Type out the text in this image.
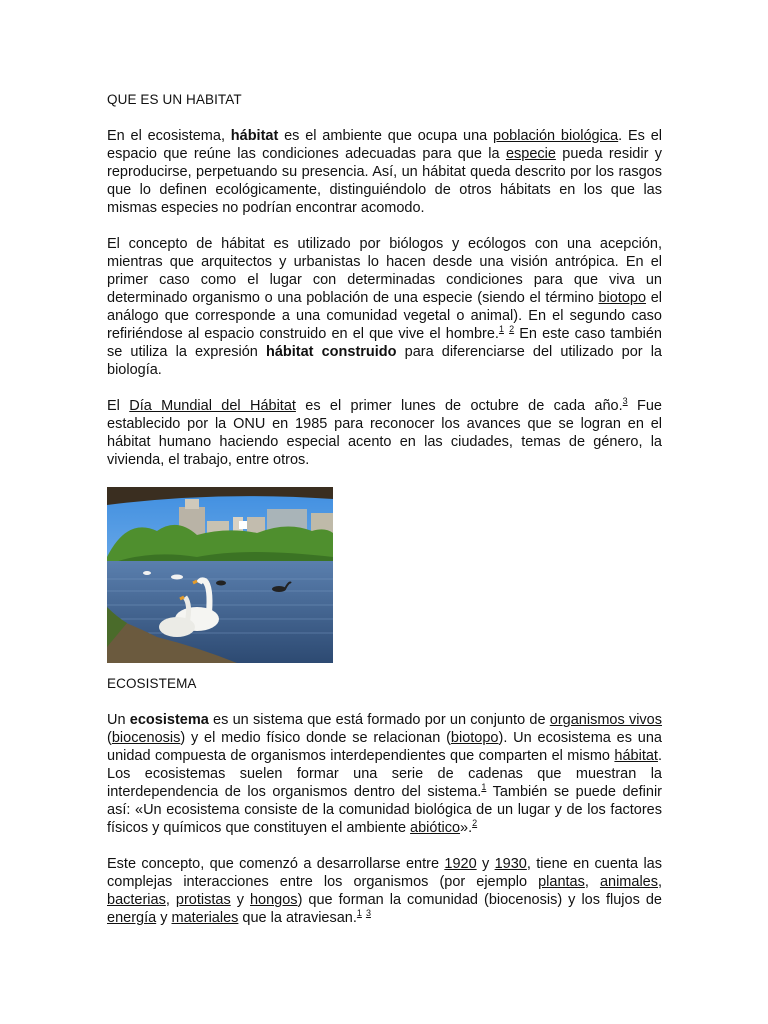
QUE ES UN HABITAT

En el ecosistema, hábitat es el ambiente que ocupa una población biológica. Es el espacio que reúne las condiciones adecuadas para que la especie pueda residir y reproducirse, perpetuando su presencia. Así, un hábitat queda descrito por los rasgos que lo definen ecológicamente, distinguiéndolo de otros hábitats en los que las mismas especies no podrían encontrar acomodo.

El concepto de hábitat es utilizado por biólogos y ecólogos con una acepción, mientras que arquitectos y urbanistas lo hacen desde una visión antrópica. En el primer caso como el lugar con determinadas condiciones para que viva un determinado organismo o una población de una especie (siendo el término biotopo el análogo que corresponde a una comunidad vegetal o animal). En el segundo caso refiriéndose al espacio construido en el que vive el hombre.$^1$ $^2$ En este caso también se utiliza la expresión hábitat construido para diferenciarse del utilizado por la biología.

El Día Mundial del Hábitat es el primer lunes de octubre de cada año.$^3$ Fue establecido por la ONU en 1985 para reconocer los avances que se logran en el hábitat humano haciendo especial acento en las ciudades, temas de género, la vivienda, el trabajo, entre otros.

ECOSISTEMA

Un ecosistema es un sistema que está formado por un conjunto de organismos vivos (biocenosis) y el medio físico donde se relacionan (biotopo). Un ecosistema es una unidad compuesta de organismos interdependientes que comparten el mismo hábitat. Los ecosistemas suelen formar una serie de cadenas que muestran la interdependencia de los organismos dentro del sistema.$^1$ También se puede definir así: «Un ecosistema consiste de la comunidad biológica de un lugar y de los factores físicos y químicos que constituyen el ambiente abiótico».$^2$

Este concepto, que comenzó a desarrollarse entre 1920 y 1930, tiene en cuenta las complejas interacciones entre los organismos (por ejemplo plantas, animales, bacterias, protistas y hongos) que forman la comunidad (biocenosis) y los flujos de energía y materiales que la atraviesan.$^1$ $^3$
